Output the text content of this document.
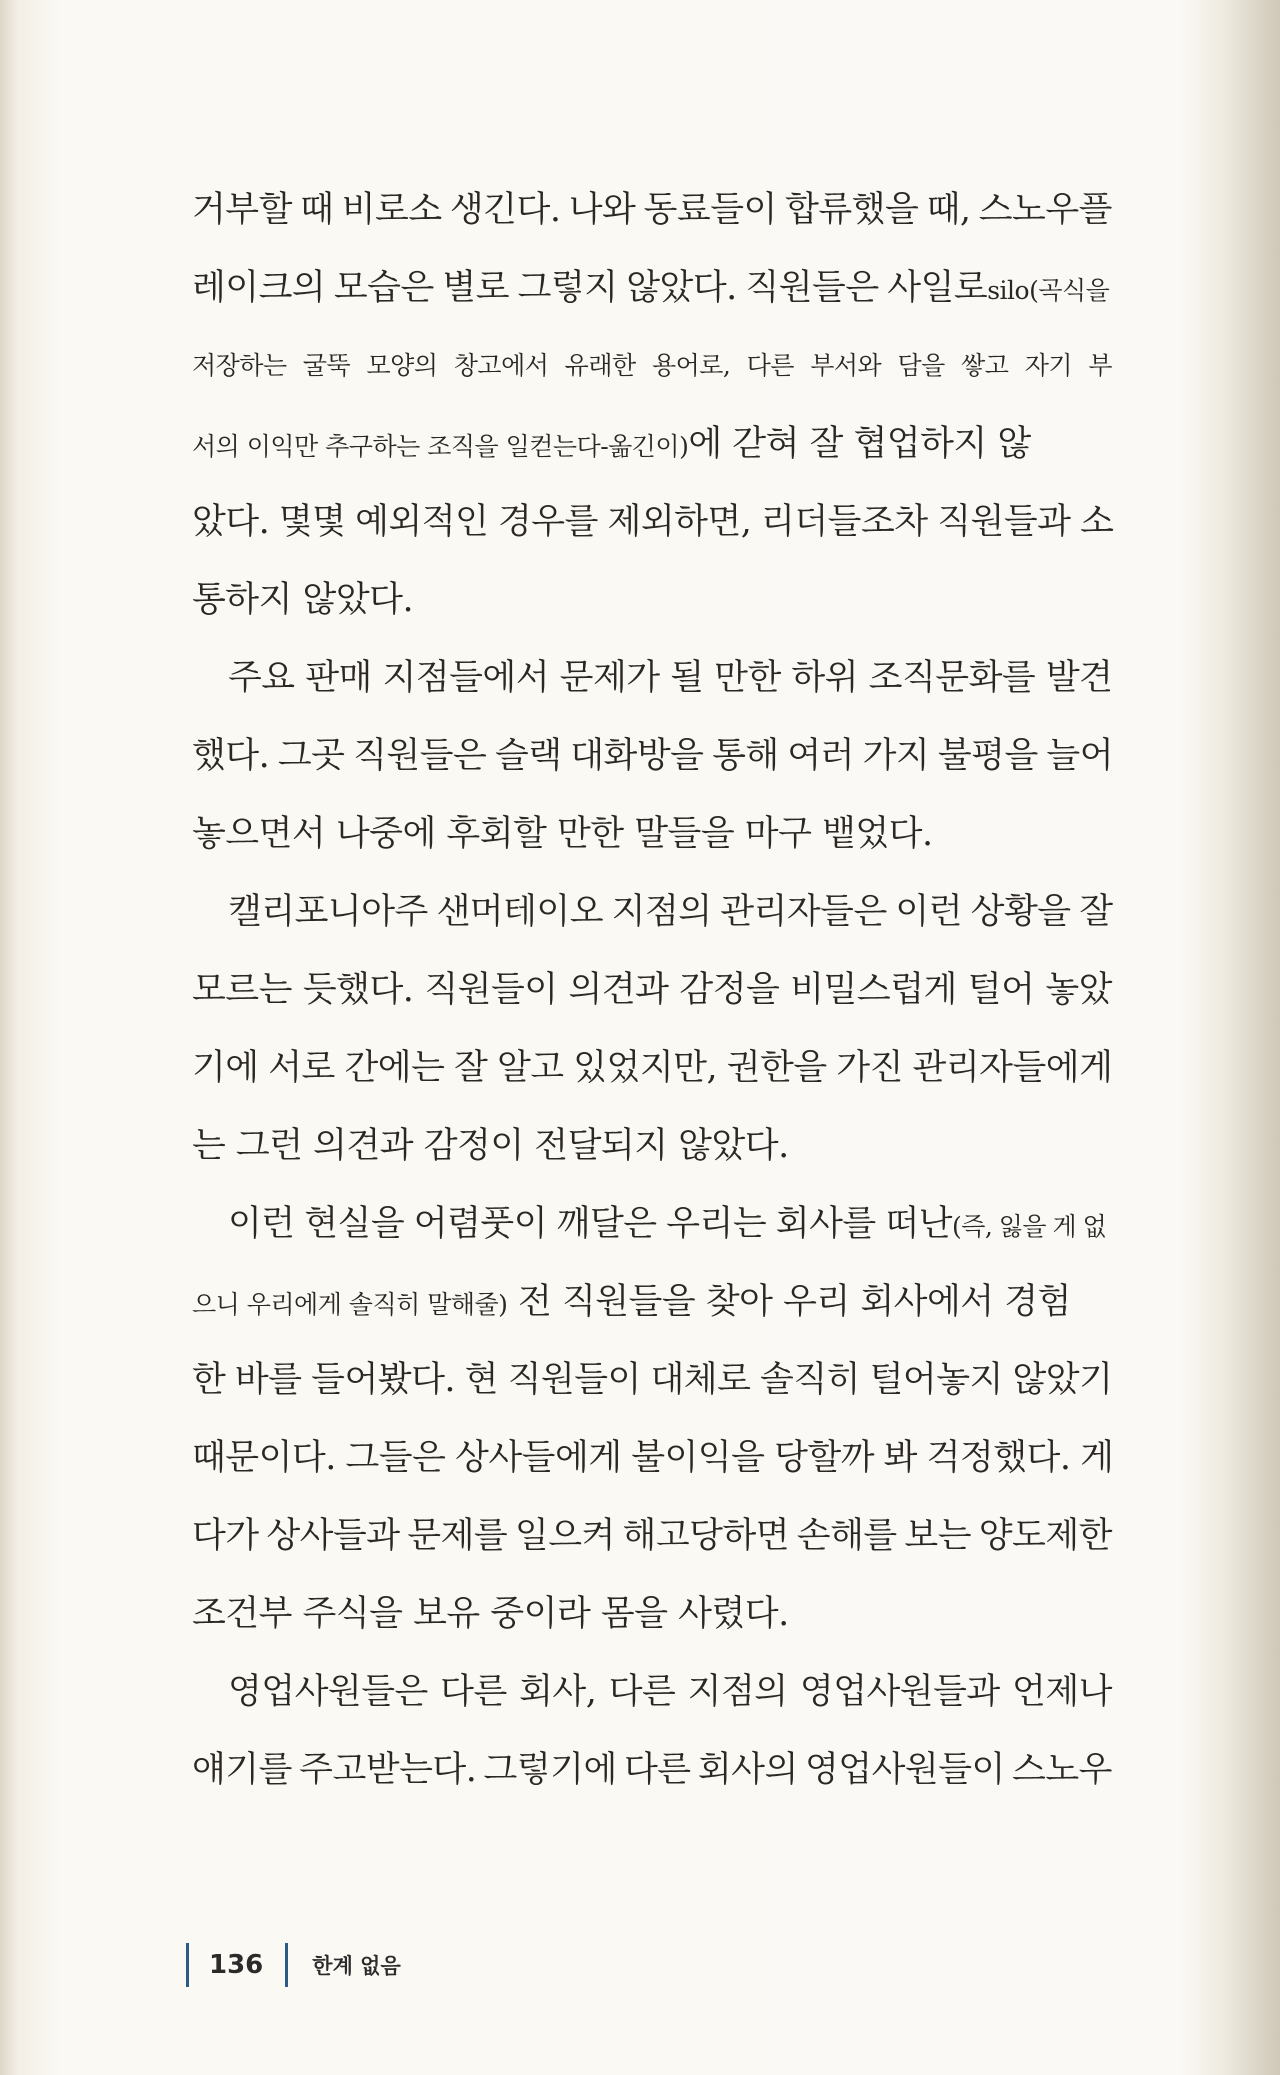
거부할 때 비로소 생긴다. 나와 동료들이 합류했을 때, 스노우플
레이크의 모습은 별로 그렇지 않았다. 직원들은 사일로silo(곡식을
저장하는 굴뚝 모양의 창고에서 유래한 용어로, 다른 부서와 담을 쌓고 자기 부
서의 이익만 추구하는 조직을 일컫는다-옮긴이)에 갇혀 잘 협업하지 않
았다. 몇몇 예외적인 경우를 제외하면, 리더들조차 직원들과 소
통하지 않았다.
주요 판매 지점들에서 문제가 될 만한 하위 조직문화를 발견
했다. 그곳 직원들은 슬랙 대화방을 통해 여러 가지 불평을 늘어
놓으면서 나중에 후회할 만한 말들을 마구 뱉었다.
캘리포니아주 샌머테이오 지점의 관리자들은 이런 상황을 잘
모르는 듯했다. 직원들이 의견과 감정을 비밀스럽게 털어 놓았
기에 서로 간에는 잘 알고 있었지만, 권한을 가진 관리자들에게
는 그런 의견과 감정이 전달되지 않았다.
이런 현실을 어렴풋이 깨달은 우리는 회사를 떠난(즉, 잃을 게 없
으니 우리에게 솔직히 말해줄) 전 직원들을 찾아 우리 회사에서 경험
한 바를 들어봤다. 현 직원들이 대체로 솔직히 털어놓지 않았기
때문이다. 그들은 상사들에게 불이익을 당할까 봐 걱정했다. 게
다가 상사들과 문제를 일으켜 해고당하면 손해를 보는 양도제한
조건부 주식을 보유 중이라 몸을 사렸다.
영업사원들은 다른 회사, 다른 지점의 영업사원들과 언제나
얘기를 주고받는다. 그렇기에 다른 회사의 영업사원들이 스노우
136 한계 없음
